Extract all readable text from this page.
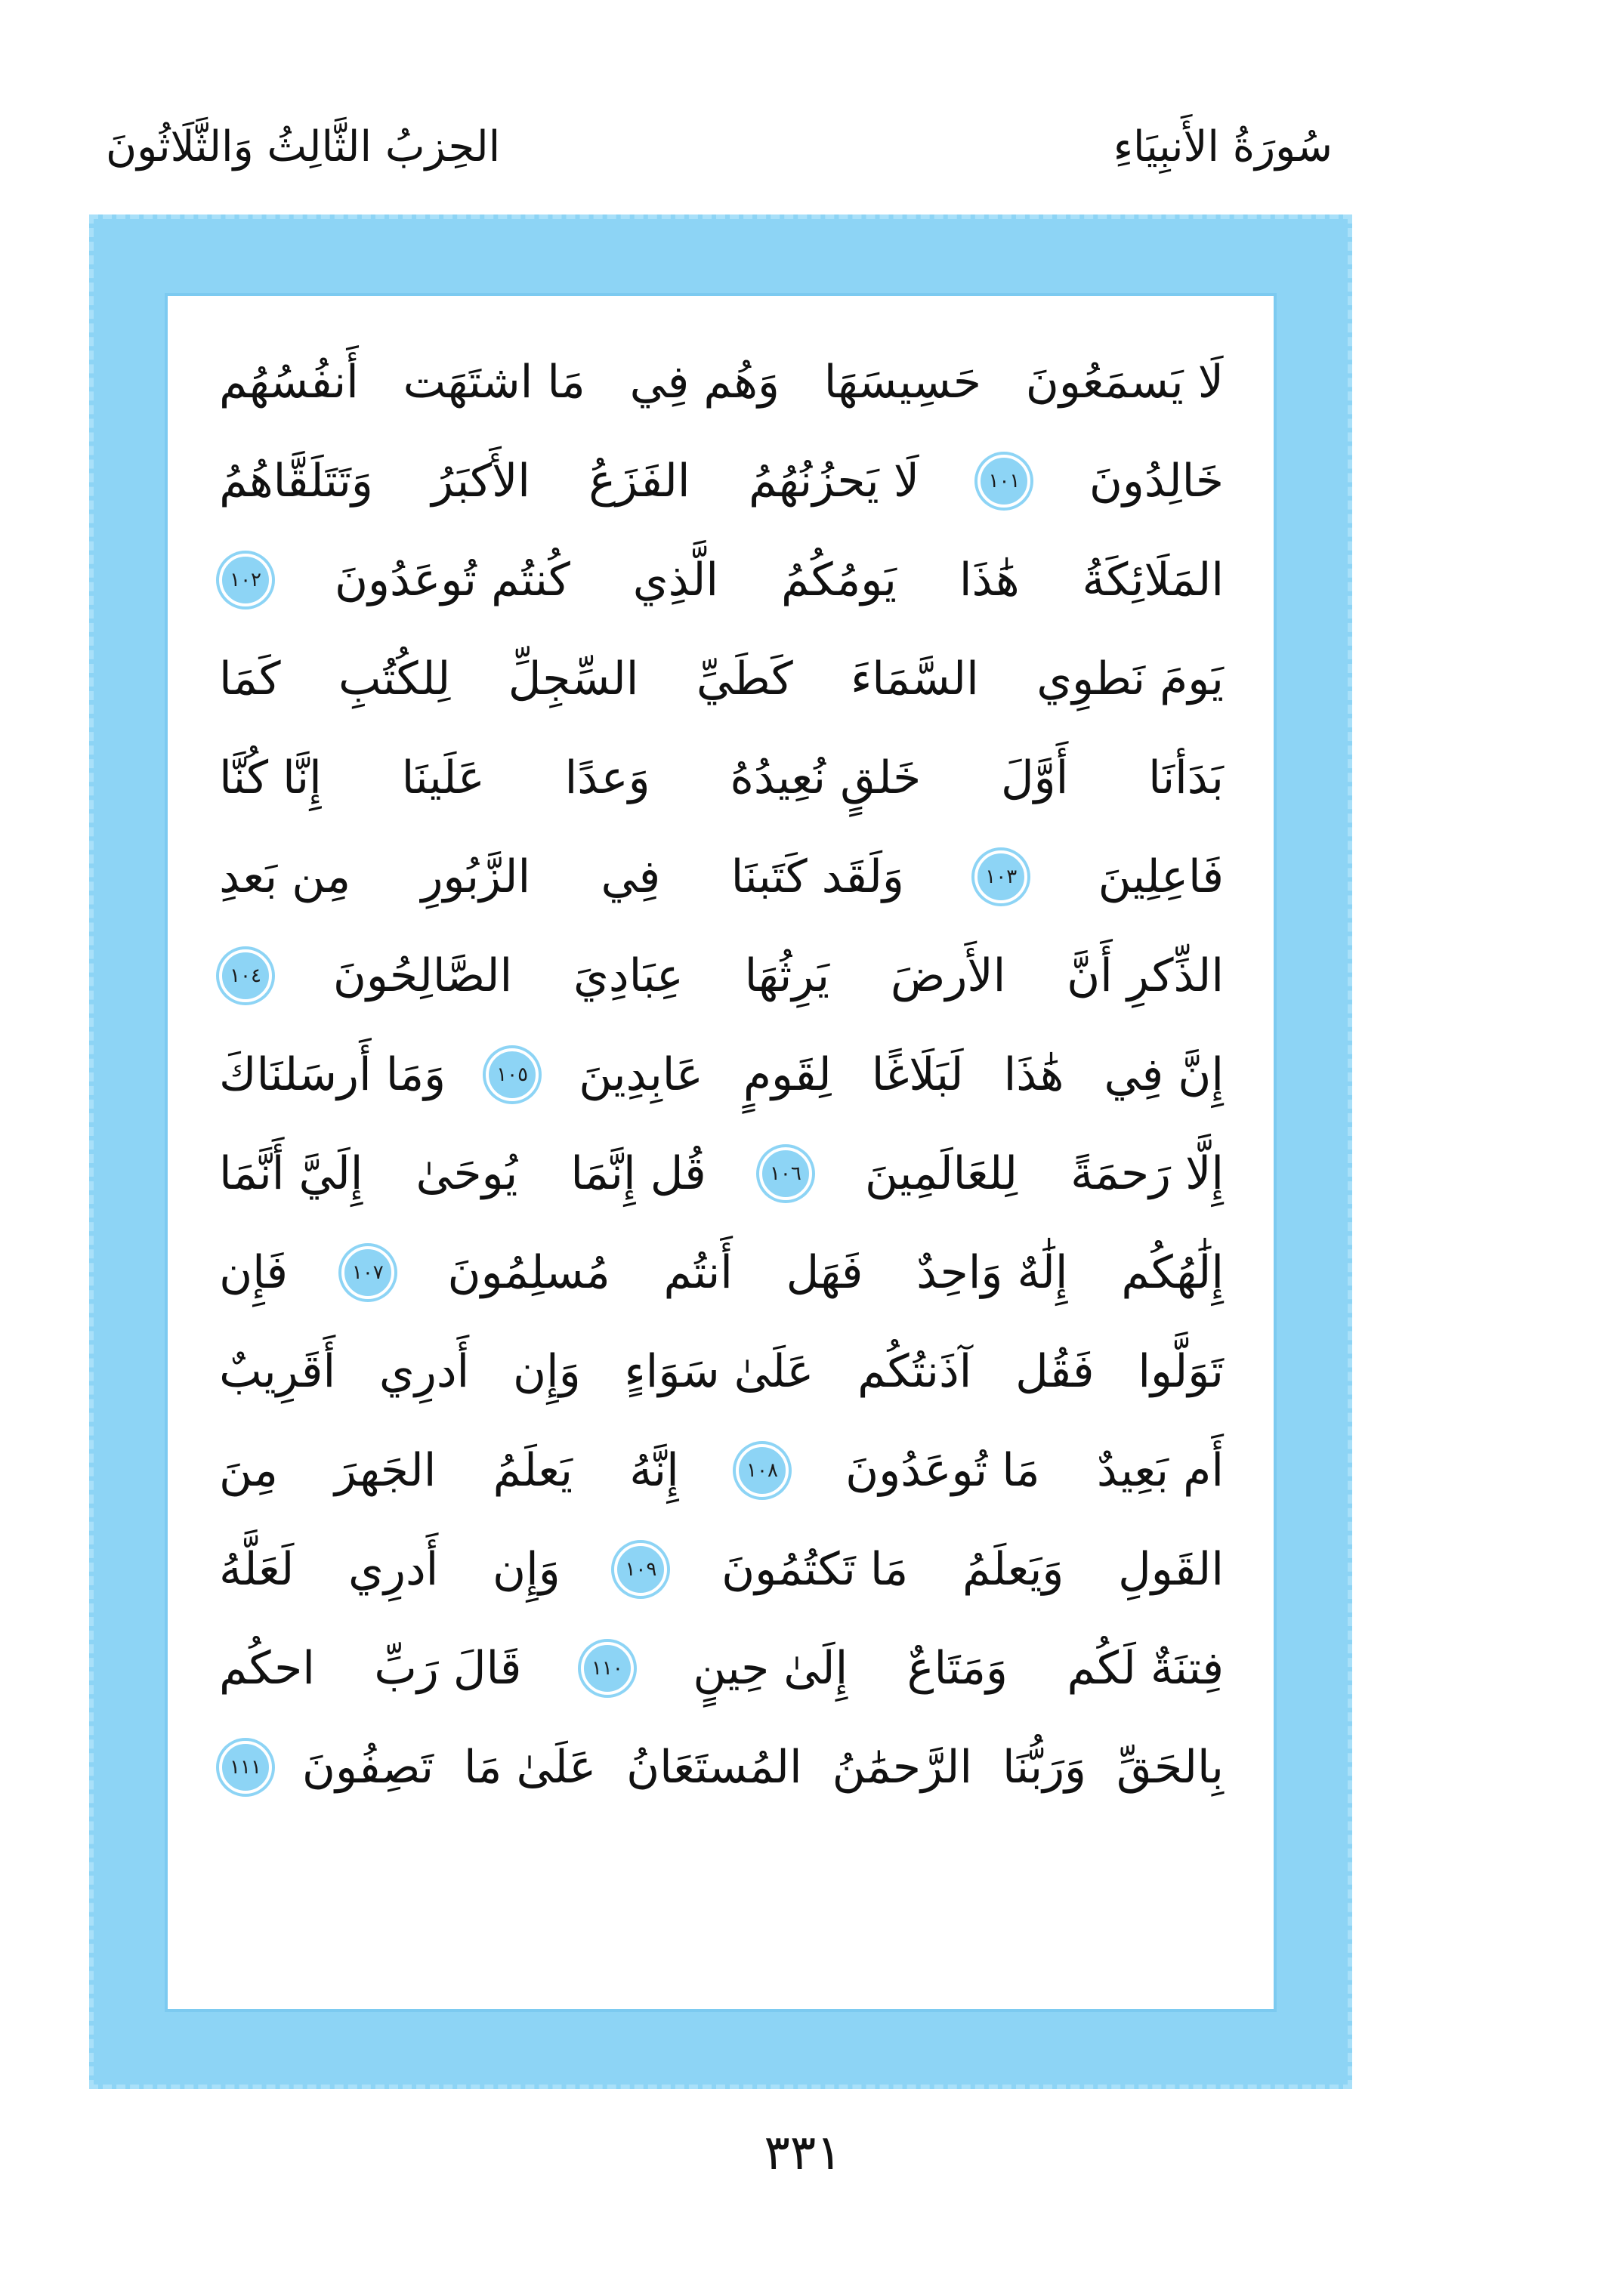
سُورَةُ الأَنبِيَاءِ
الحِزبُ الثَّالِثُ وَالثَّلَاثُونَ
لَا يَسمَعُونَ
حَسِيسَهَا
وَهُم فِي
مَا اشتَهَت
أَنفُسُهُم
خَالِدُونَ
١٠١
لَا يَحزُنُهُمُ
الفَزَعُ
الأَكبَرُ
وَتَتَلَقَّاهُمُ
المَلَائِكَةُ
هَٰذَا
يَومُكُمُ
الَّذِي
كُنتُم تُوعَدُونَ
١٠٢
يَومَ نَطوِي
السَّمَاءَ
كَطَيِّ
السِّجِلِّ
لِلكُتُبِ
كَمَا
بَدَأنَا
أَوَّلَ
خَلقٍ نُعِيدُهُ
وَعدًا
عَلَينَا
إِنَّا كُنَّا
فَاعِلِينَ
١٠٣
وَلَقَد كَتَبنَا
فِي
الزَّبُورِ
مِن بَعدِ
الذِّكرِ أَنَّ
الأَرضَ
يَرِثُهَا
عِبَادِيَ
الصَّالِحُونَ
١٠٤
إِنَّ فِي
هَٰذَا
لَبَلَاغًا
لِقَومٍ
عَابِدِينَ
١٠٥
وَمَا أَرسَلنَاكَ
إِلَّا رَحمَةً
لِلعَالَمِينَ
١٠٦
قُل إِنَّمَا
يُوحَىٰ
إِلَيَّ أَنَّمَا
إِلَٰهُكُم
إِلَٰهٌ وَاحِدٌ
فَهَل
أَنتُم
مُسلِمُونَ
١٠٧
فَإِن
تَوَلَّوا
فَقُل
آذَنتُكُم
عَلَىٰ سَوَاءٍ
وَإِن
أَدرِي
أَقَرِيبٌ
أَم بَعِيدٌ
مَا تُوعَدُونَ
١٠٨
إِنَّهُ
يَعلَمُ
الجَهرَ
مِنَ
القَولِ
وَيَعلَمُ
مَا تَكتُمُونَ
١٠٩
وَإِن
أَدرِي
لَعَلَّهُ
فِتنَةٌ لَكُم
وَمَتَاعٌ
إِلَىٰ حِينٍ
١١٠
قَالَ رَبِّ
احكُم
بِالحَقِّ
وَرَبُّنَا
الرَّحمَٰنُ
المُستَعَانُ
عَلَىٰ مَا
تَصِفُونَ
١١١
٣٣١
